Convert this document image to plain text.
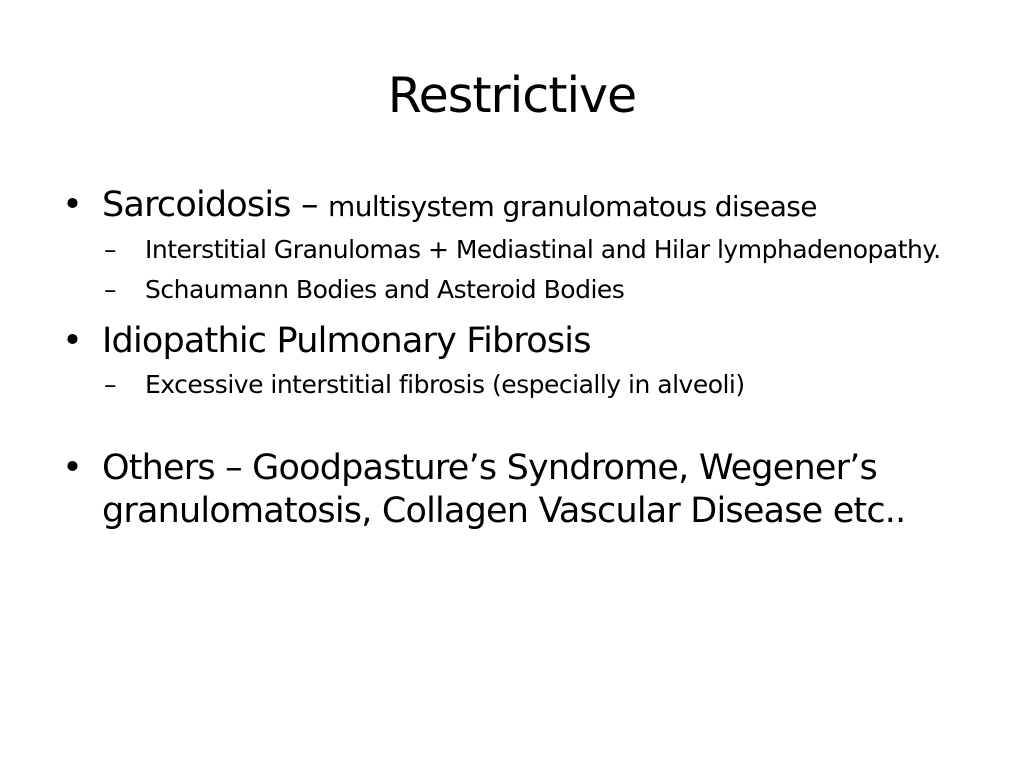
Restrictive
• Sarcoidosis – multisystem granulomatous disease
– Interstitial Granulomas + Mediastinal and Hilar lymphadenopathy.
– Schaumann Bodies and Asteroid Bodies
• Idiopathic Pulmonary Fibrosis
– Excessive interstitial fibrosis (especially in alveoli)
• Others – Goodpasture’s Syndrome, Wegener’s granulomatosis, Collagen Vascular Disease etc..
